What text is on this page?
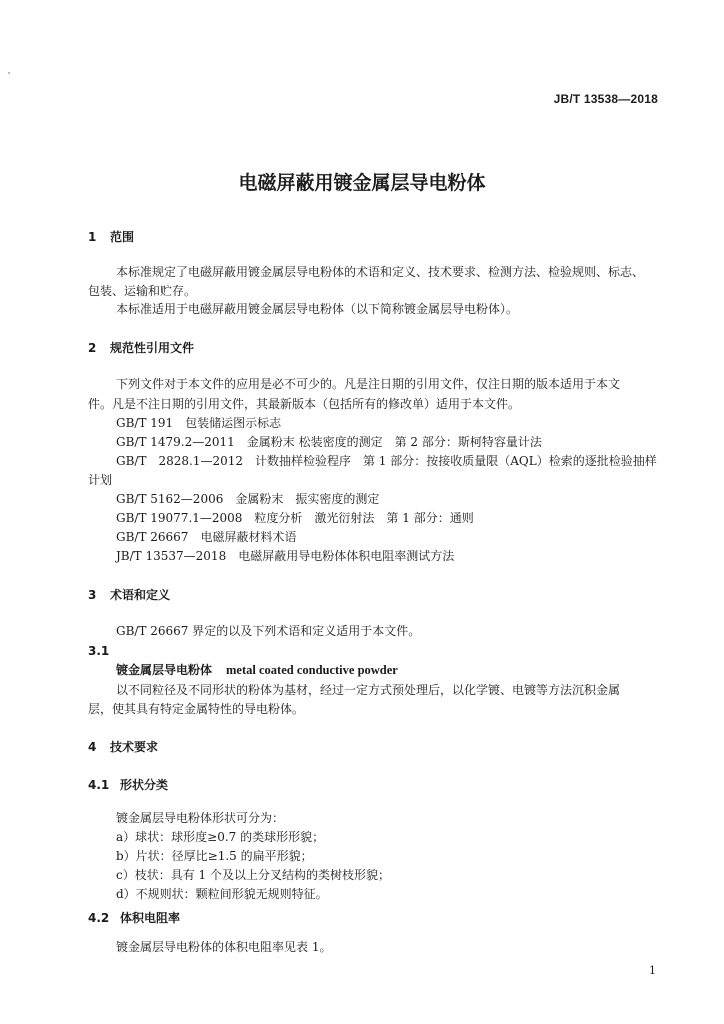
JB/T 13538—2018
电磁屏蔽用镀金属层导电粉体
1 范围
本标准规定了电磁屏蔽用镀金属层导电粉体的术语和定义、技术要求、检测方法、检验规则、标志、
包装、运输和贮存。
本标准适用于电磁屏蔽用镀金属层导电粉体（以下简称镀金属层导电粉体）。
2 规范性引用文件
下列文件对于本文件的应用是必不可少的。凡是注日期的引用文件，仅注日期的版本适用于本文
件。凡是不注日期的引用文件，其最新版本（包括所有的修改单）适用于本文件。
GB/T 191　包装储运图示标志
GB/T 1479.2—2011　金属粉末 松装密度的测定　第 2 部分：斯柯特容量计法
GB/T　2828.1—2012　计数抽样检验程序　第 1 部分：按接收质量限（AQL）检索的逐批检验抽样
计划
GB/T 5162—2006　金属粉末　振实密度的测定
GB/T 19077.1—2008　粒度分析　激光衍射法　第 1 部分：通则
GB/T 26667　电磁屏蔽材料术语
JB/T 13537—2018　电磁屏蔽用导电粉体体积电阻率测试方法
3 术语和定义
GB/T 26667 界定的以及下列术语和定义适用于本文件。
3.1
镀金属层导电粉体 metal coated conductive powder
以不同粒径及不同形状的粉体为基材，经过一定方式预处理后，以化学镀、电镀等方法沉积金属
层，使其具有特定金属特性的导电粉体。
4 技术要求
4.1 形状分类
镀金属层导电粉体形状可分为：
a）球状：球形度≥0.7 的类球形形貌；
b）片状：径厚比≥1.5 的扁平形貌；
c）枝状：具有 1 个及以上分叉结构的类树枝形貌；
d）不规则状：颗粒间形貌无规则特征。
4.2 体积电阻率
镀金属层导电粉体的体积电阻率见表 1。
1
